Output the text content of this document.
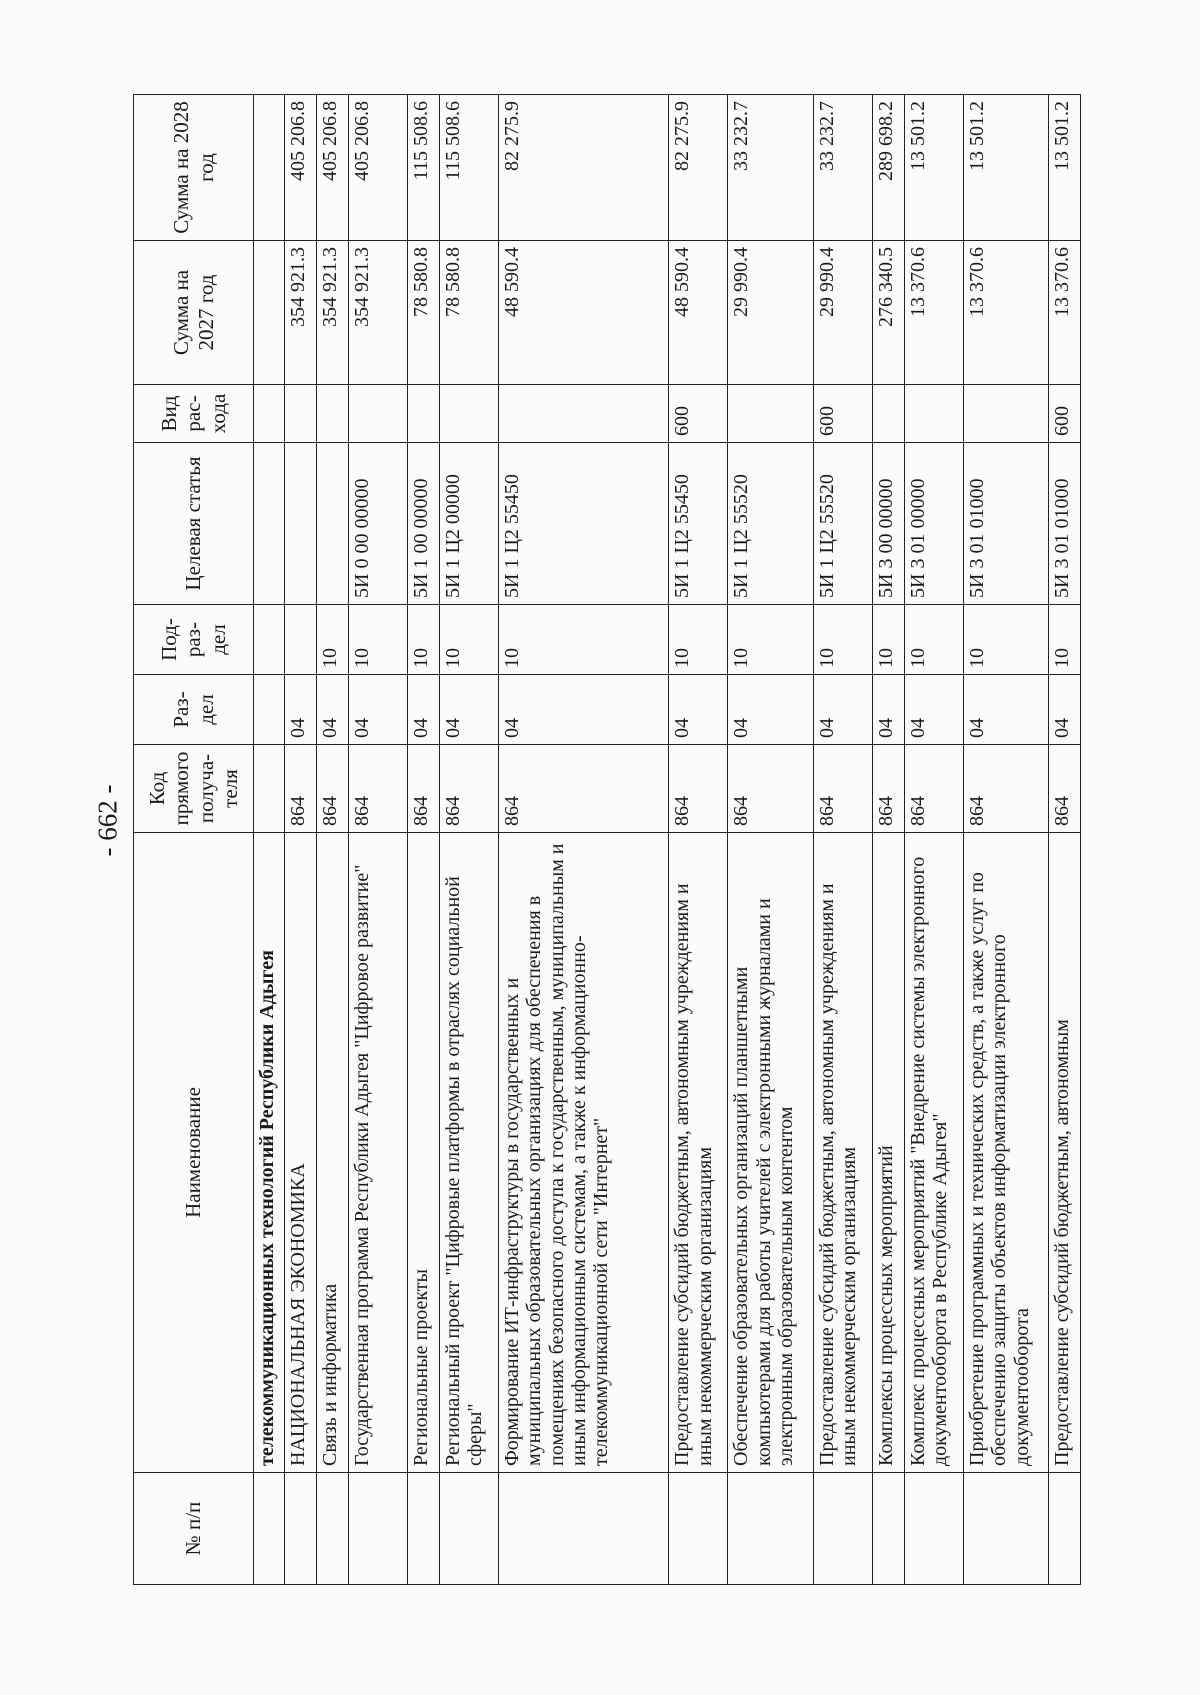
- 662 -
№ п/п	Наименование	Код прямого получа-теля	Раз-дел	Под-раз-дел	Целевая статья	Вид рас-хода	Сумма на 2027 год	Сумма на 2028 год
	телекоммуникационных технологий Республики Адыгея							
	НАЦИОНАЛЬНАЯ ЭКОНОМИКА	864	04				354 921.3	405 206.8
	Связь и информатика	864	04	10			354 921.3	405 206.8
	Государственная программа Республики Адыгея "Цифровое развитие"	864	04	10	5И 0 00 00000		354 921.3	405 206.8
	Региональные проекты	864	04	10	5И 1 00 00000		78 580.8	115 508.6
	Региональный проект "Цифровые платформы в отраслях социальной сферы"	864	04	10	5И 1 Ц2 00000		78 580.8	115 508.6
	Формирование ИТ-инфраструктуры в государственных и муниципальных образовательных организациях для обеспечения в помещениях безопасного доступа к государственным, муниципальным и иным информационным системам, а также к информационно-телекоммуникационной сети "Интернет"	864	04	10	5И 1 Ц2 55450		48 590.4	82 275.9
	Предоставление субсидий бюджетным, автономным учреждениям и иным некоммерческим организациям	864	04	10	5И 1 Ц2 55450	600	48 590.4	82 275.9
	Обеспечение образовательных организаций планшетными компьютерами для работы учителей с электронными журналами и электронным образовательным контентом	864	04	10	5И 1 Ц2 55520		29 990.4	33 232.7
	Предоставление субсидий бюджетным, автономным учреждениям и иным некоммерческим организациям	864	04	10	5И 1 Ц2 55520	600	29 990.4	33 232.7
	Комплексы процессных мероприятий	864	04	10	5И 3 00 00000		276 340.5	289 698.2
	Комплекс процессных мероприятий "Внедрение системы электронного документооборота в Республике Адыгея"	864	04	10	5И 3 01 00000		13 370.6	13 501.2
	Приобретение программных и технических средств, а также услуг по обеспечению защиты объектов информатизации электронного документооборота	864	04	10	5И 3 01 01000		13 370.6	13 501.2
	Предоставление субсидий бюджетным, автономным	864	04	10	5И 3 01 01000	600	13 370.6	13 501.2
